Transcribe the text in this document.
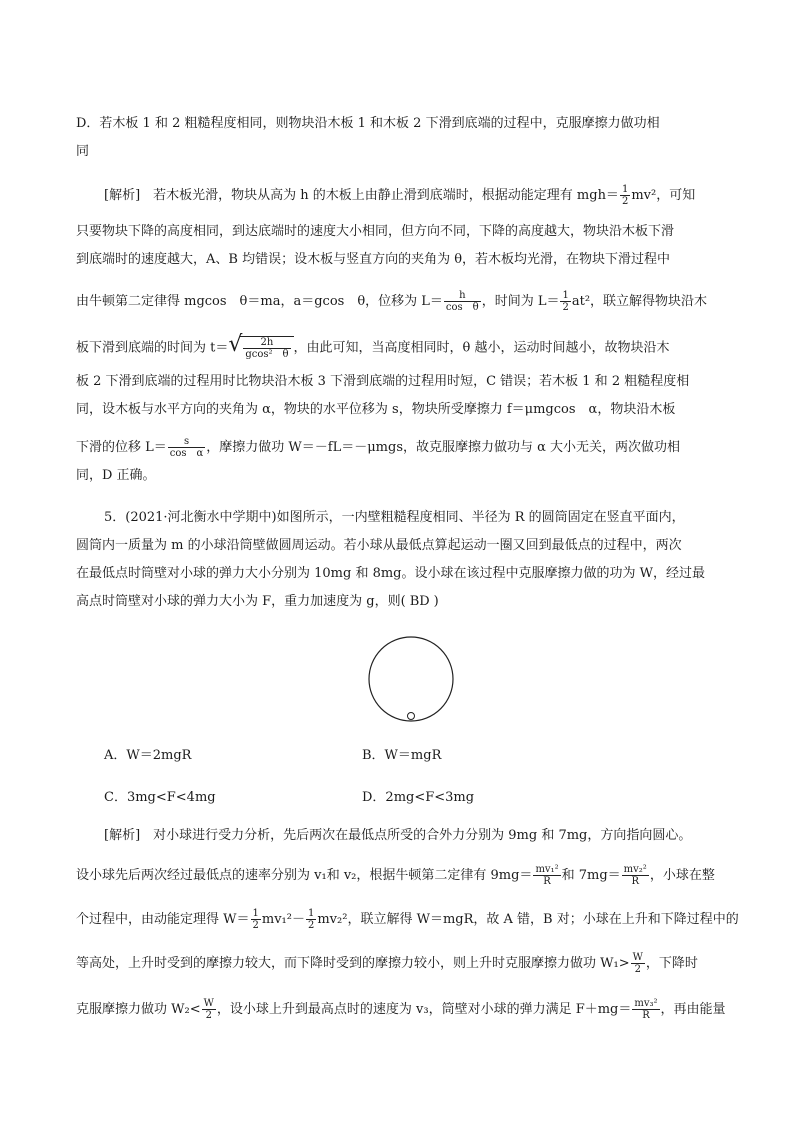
D．若木板 1 和 2 粗糙程度相同，则物块沿木板 1 和木板 2 下滑到底端的过程中，克服摩擦力做功相
同
[解析]　若木板光滑，物块从高为 h 的木板上由静止滑到底端时，根据动能定理有 $mgh= \frac{1}{2} mv^2$，可知
只要物块下降的高度相同，到达底端时的速度大小相同，但方向不同，下降的高度越大，物块沿木板下滑
到底端时的速度越大，A、B 均错误；设木板与竖直方向的夹角为 θ，若木板均光滑，在物块下滑过程中
由牛顿第二定律得 mgcos　θ＝ma，a＝gcos　θ，位移为 $L= \frac{h}{\text{cos　θ}}$ ，时间为 $L= \frac{1}{2} at^2$，联立解得物块沿木
板下滑到底端的时间为 t＝ √ $\frac{2h}{\text{gcos²　θ}}$ ，由此可知，当高度相同时，θ 越小，运动时间越小，故物块沿木
板 2 下滑到底端的过程用时比物块沿木板 3 下滑到底端的过程用时短，C 错误；若木板 1 和 2 粗糙程度相
同，设木板与水平方向的夹角为 α，物块的水平位移为 s，物块所受摩擦力 f＝μmgcos　α，物块沿木板
下滑的位移 $L= \frac{s}{\text{cos　α}}$ ，摩擦力做功 W＝－fL＝－μmgs，故克服摩擦力做功与 α 大小无关，两次做功相
同，D 正确。
5．(2021·河北衡水中学期中)如图所示，一内壁粗糙程度相同、半径为 R 的圆筒固定在竖直平面内，
圆筒内一质量为 m 的小球沿筒壁做圆周运动。若小球从最低点算起运动一圈又回到最低点的过程中，两次
在最低点时筒壁对小球的弹力大小分别为 10mg 和 8mg。设小球在该过程中克服摩擦力做的功为 W，经过最
高点时筒壁对小球的弹力大小为 F，重力加速度为 g，则( BD )
A．W＝2mgR	B．W＝mgR
C．3mg<F<4mg	D．2mg<F<3mg
[解析]　对小球进行受力分析，先后两次在最低点所受的合外力分别为 9mg 和 7mg，方向指向圆心。
设小球先后两次经过最低点的速率分别为 v₁和 v₂，根据牛顿第二定律有 $9mg= \frac{\text{mv₁²}}{R}$ 和 $7mg= \frac{\text{mv₂²}}{R}$ ，小球在整
个过程中，由动能定理得 $W= \frac{1}{2} mv_1^2- \frac{1}{2} mv_2^2$，联立解得 W＝mgR，故 A 错，B 对；小球在上升和下降过程中的
等高处，上升时受到的摩擦力较大，而下降时受到的摩擦力较小，则上升时克服摩擦力做功 $W_1> \frac{W}{2}$ ，下降时
克服摩擦力做功 $W_2< \frac{W}{2}$ ，设小球上升到最高点时的速度为 v₃，筒壁对小球的弹力满足 $F+mg= \frac{\text{mv₃²}}{R}$ ，再由能量
